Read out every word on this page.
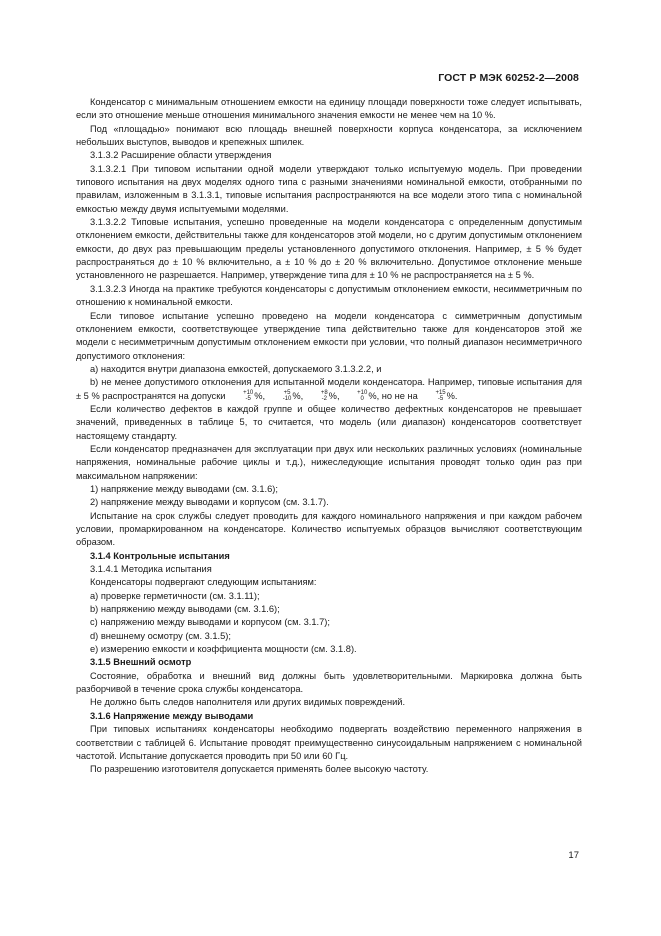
ГОСТ Р МЭК 60252-2—2008

Конденсатор с минимальным отношением емкости на единицу площади поверхности тоже следует испытывать, если это отношение меньше отношения минимального значения емкости не менее чем на 10 %.

Под «площадью» понимают всю площадь внешней поверхности корпуса конденсатора, за исключением небольших выступов, выводов и крепежных шпилек.

3.1.3.2 Расширение области утверждения

3.1.3.2.1 При типовом испытании одной модели утверждают только испытуемую модель. При проведении типового испытания на двух моделях одного типа с разными значениями номинальной емкости, отобранными по правилам, изложенным в 3.1.3.1, типовые испытания распространяются на все модели этого типа с номинальной емкостью между двумя испытуемыми моделями.

3.1.3.2.2 Типовые испытания, успешно проведенные на модели конденсатора с определенным допустимым отклонением емкости, действительны также для конденсаторов этой модели, но с другим допустимым отклонением емкости, до двух раз превышающим пределы установленного допустимого отклонения. Например, ± 5 % будет распространяться до ± 10 % включительно, а ± 10 % до ± 20 % включительно. Допустимое отклонение меньше установленного не разрешается. Например, утверждение типа для ± 10 % не распространяется на ± 5 %.

3.1.3.2.3 Иногда на практике требуются конденсаторы с допустимым отклонением емкости, несимметричным по отношению к номинальной емкости.

Если типовое испытание успешно проведено на модели конденсатора с симметричным допустимым отклонением емкости, соответствующее утверждение типа действительно также для конденсаторов этой же модели с несимметричным допустимым отклонением емкости при условии, что полный диапазон несимметричного допустимого отклонения:

a) находится внутри диапазона емкостей, допускаемого 3.1.3.2.2, и

b) не менее допустимого отклонения для испытанной модели конденсатора. Например, типовые испытания для ± 5 % распространятся на допуски	+10
-5 %,	+5
-10 %,	+8
-2 %,	+10
0 %, но не на	+15
-5 %.

Если количество дефектов в каждой группе и общее количество дефектных конденсаторов не превышает значений, приведенных в таблице 5, то считается, что модель (или диапазон) конденсаторов соответствует настоящему стандарту.

Если конденсатор предназначен для эксплуатации при двух или нескольких различных условиях (номинальные напряжения, номинальные рабочие циклы и т.д.), нижеследующие испытания проводят только один раз при максимальном напряжении:

1) напряжение между выводами (см. 3.1.6);

2) напряжение между выводами и корпусом (см. 3.1.7).

Испытание на срок службы следует проводить для каждого номинального напряжения и при каждом рабочем условии, промаркированном на конденсаторе. Количество испытуемых образцов вычисляют соответствующим образом.

3.1.4 Контрольные испытания

3.1.4.1 Методика испытания

Конденсаторы подвергают следующим испытаниям:

a) проверке герметичности (см. 3.1.11);

b) напряжению между выводами (см. 3.1.6);

c) напряжению между выводами и корпусом (см. 3.1.7);

d) внешнему осмотру (см. 3.1.5);

e) измерению емкости и коэффициента мощности (см. 3.1.8).

3.1.5 Внешний осмотр

Состояние, обработка и внешний вид должны быть удовлетворительными. Маркировка должна быть разборчивой в течение срока службы конденсатора.

Не должно быть следов наполнителя или других видимых повреждений.

3.1.6 Напряжение между выводами

При типовых испытаниях конденсаторы необходимо подвергать воздействию переменного напряжения в соответствии с таблицей 6. Испытание проводят преимущественно синусоидальным напряжением с номинальной частотой. Испытание допускается проводить при 50 или 60 Гц.

По разрешению изготовителя допускается применять более высокую частоту.

17
